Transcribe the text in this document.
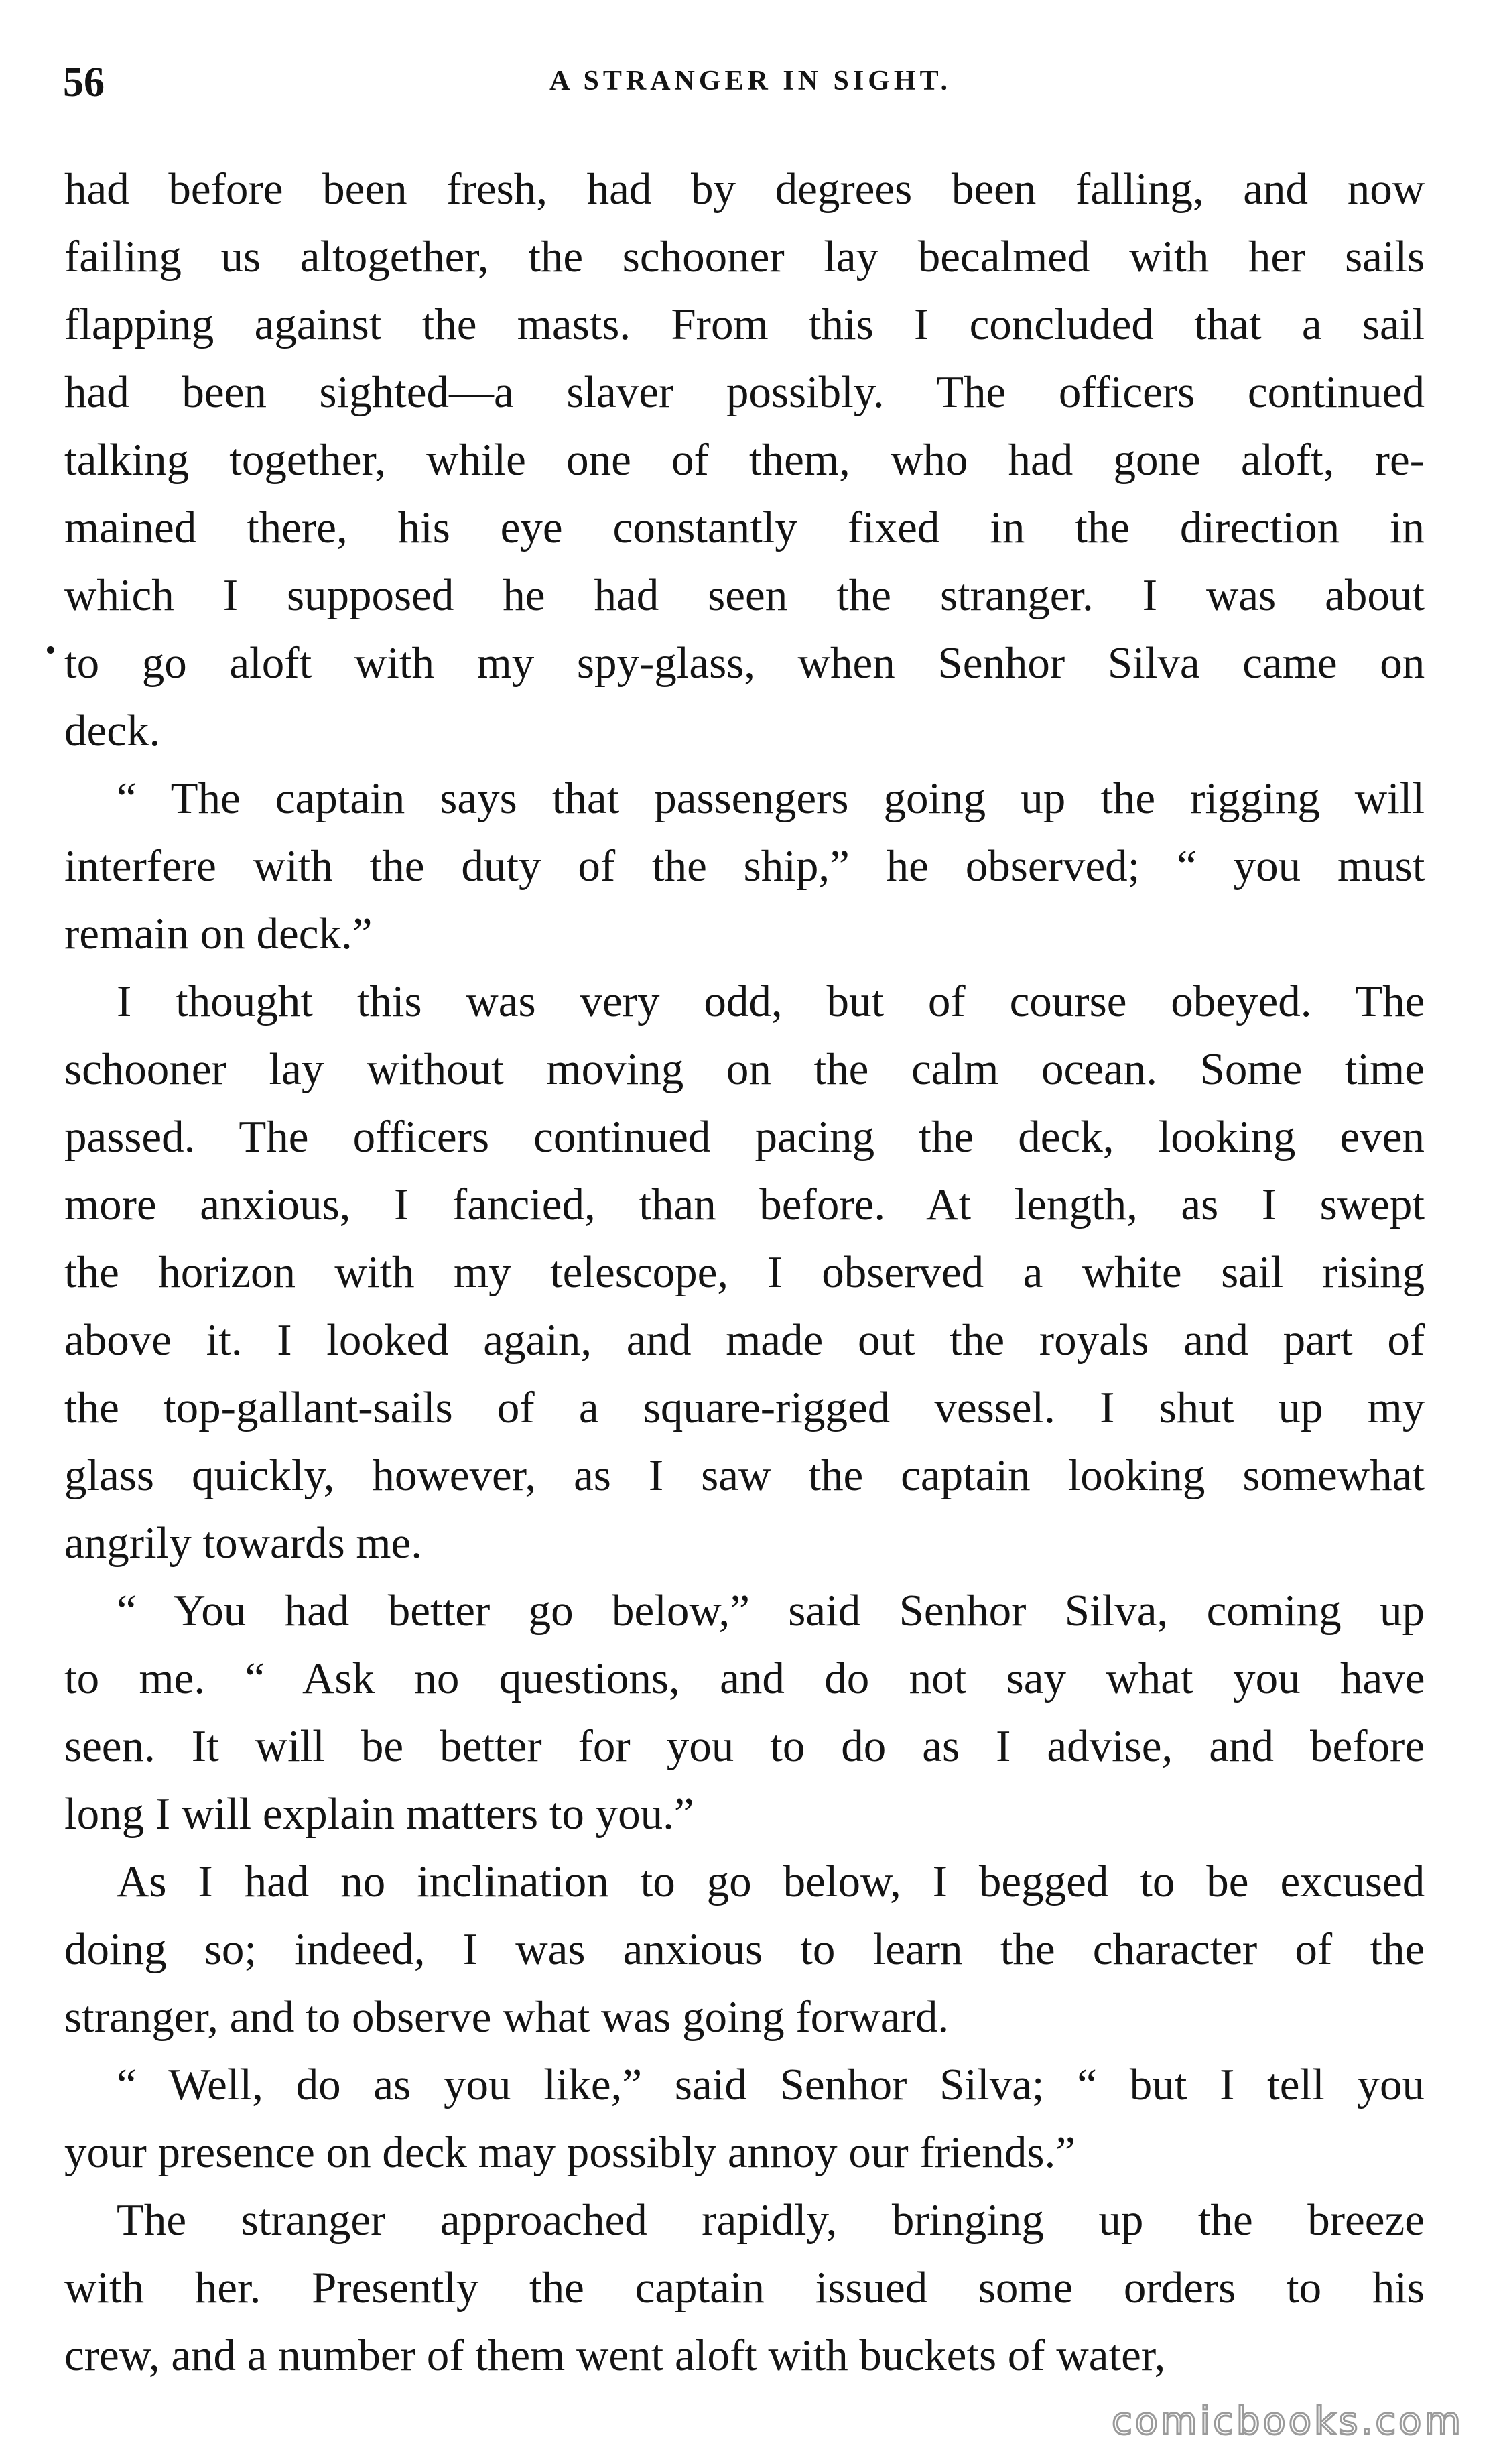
56	A STRANGER IN SIGHT.
had before been fresh, had by degrees been falling, and now
failing us altogether, the schooner lay becalmed with her sails
flapping against the masts. From this I concluded that a sail
had been sighted—a slaver possibly. The officers continued
talking together, while one of them, who had gone aloft, re-
mained there, his eye constantly fixed in the direction in
which I supposed he had seen the stranger. I was about
to go aloft with my spy-glass, when Senhor Silva came on
deck.
“ The captain says that passengers going up the rigging will
interfere with the duty of the ship,” he observed; “ you must
remain on deck.”
I thought this was very odd, but of course obeyed. The
schooner lay without moving on the calm ocean. Some time
passed. The officers continued pacing the deck, looking even
more anxious, I fancied, than before. At length, as I swept
the horizon with my telescope, I observed a white sail rising
above it. I looked again, and made out the royals and part of
the top-gallant-sails of a square-rigged vessel. I shut up my
glass quickly, however, as I saw the captain looking somewhat
angrily towards me.
“ You had better go below,” said Senhor Silva, coming up
to me. “ Ask no questions, and do not say what you have
seen. It will be better for you to do as I advise, and before
long I will explain matters to you.”
As I had no inclination to go below, I begged to be excused
doing so; indeed, I was anxious to learn the character of the
stranger, and to observe what was going forward.
“ Well, do as you like,” said Senhor Silva; “ but I tell you
your presence on deck may possibly annoy our friends.”
The stranger approached rapidly, bringing up the breeze
with her. Presently the captain issued some orders to his
crew, and a number of them went aloft with buckets of water,
comicbooks.com
